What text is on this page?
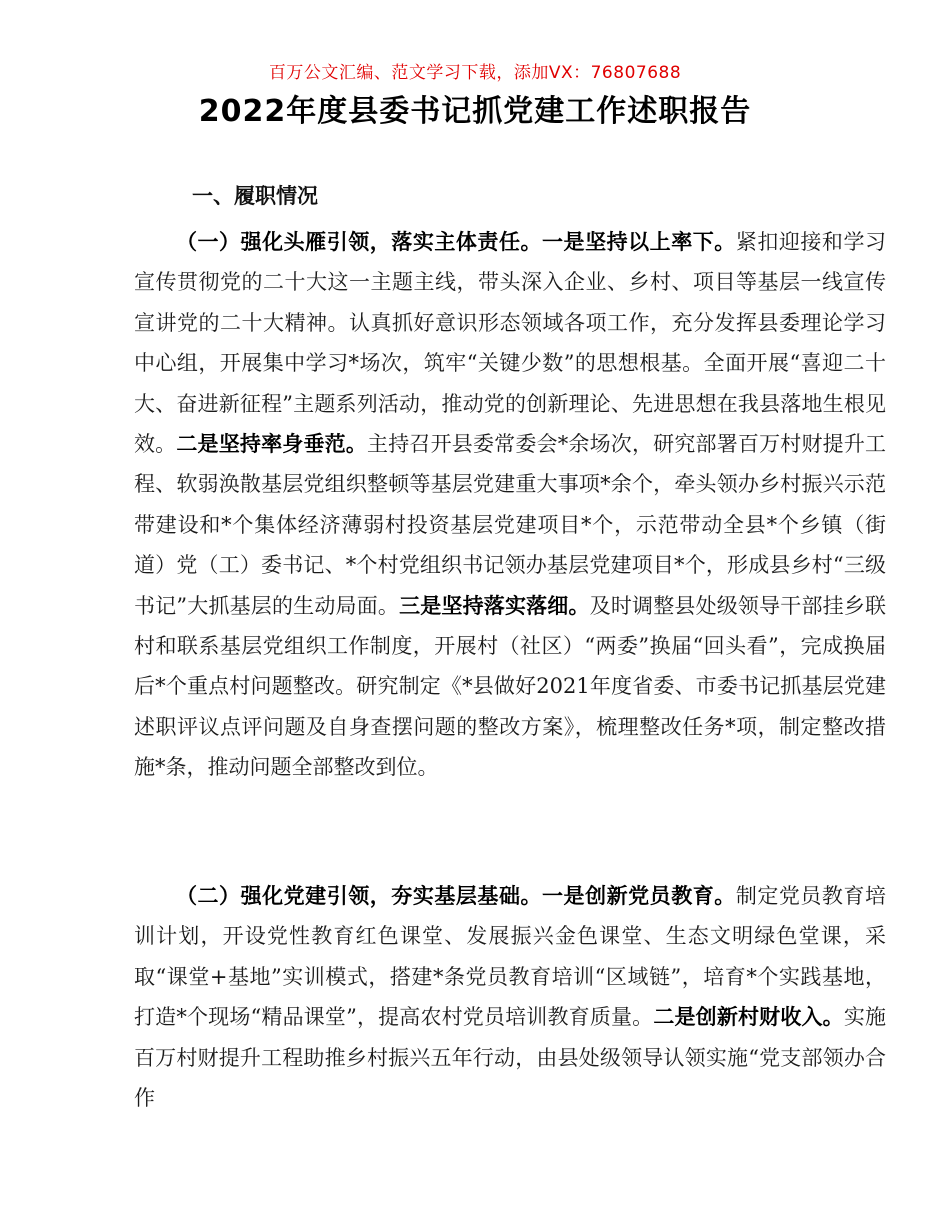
百万公文汇编、范文学习下载，添加VX：76807688
2022年度县委书记抓党建工作述职报告
一、履职情况

（一）强化头雁引领，落实主体责任。一是坚持以上率下。紧扣迎接和学习宣传贯彻党的二十大这一主题主线，带头深入企业、乡村、项目等基层一线宣传宣讲党的二十大精神。认真抓好意识形态领域各项工作，充分发挥县委理论学习中心组，开展集中学习*场次，筑牢“关键少数”的思想根基。全面开展“喜迎二十大、奋进新征程”主题系列活动，推动党的创新理论、先进思想在我县落地生根见效。二是坚持率身垂范。主持召开县委常委会*余场次，研究部署百万村财提升工程、软弱涣散基层党组织整顿等基层党建重大事项*余个，牵头领办乡村振兴示范带建设和*个集体经济薄弱村投资基层党建项目*个，示范带动全县*个乡镇（街道）党（工）委书记、*个村党组织书记领办基层党建项目*个，形成县乡村“三级书记”大抓基层的生动局面。三是坚持落实落细。及时调整县处级领导干部挂乡联村和联系基层党组织工作制度，开展村（社区）“两委”换届“回头看”，完成换届后*个重点村问题整改。研究制定《*县做好2021年度省委、市委书记抓基层党建述职评议点评问题及自身查摆问题的整改方案》，梳理整改任务*项，制定整改措施*条，推动问题全部整改到位。

（二）强化党建引领，夯实基层基础。一是创新党员教育。制定党员教育培训计划，开设党性教育红色课堂、发展振兴金色课堂、生态文明绿色堂课，采取“课堂+基地”实训模式，搭建*条党员教育培训“区域链”，培育*个实践基地，打造*个现场“精品课堂”，提高农村党员培训教育质量。二是创新村财收入。实施百万村财提升工程助推乡村振兴五年行动，由县处级领导认领实施“党支部领办合作
